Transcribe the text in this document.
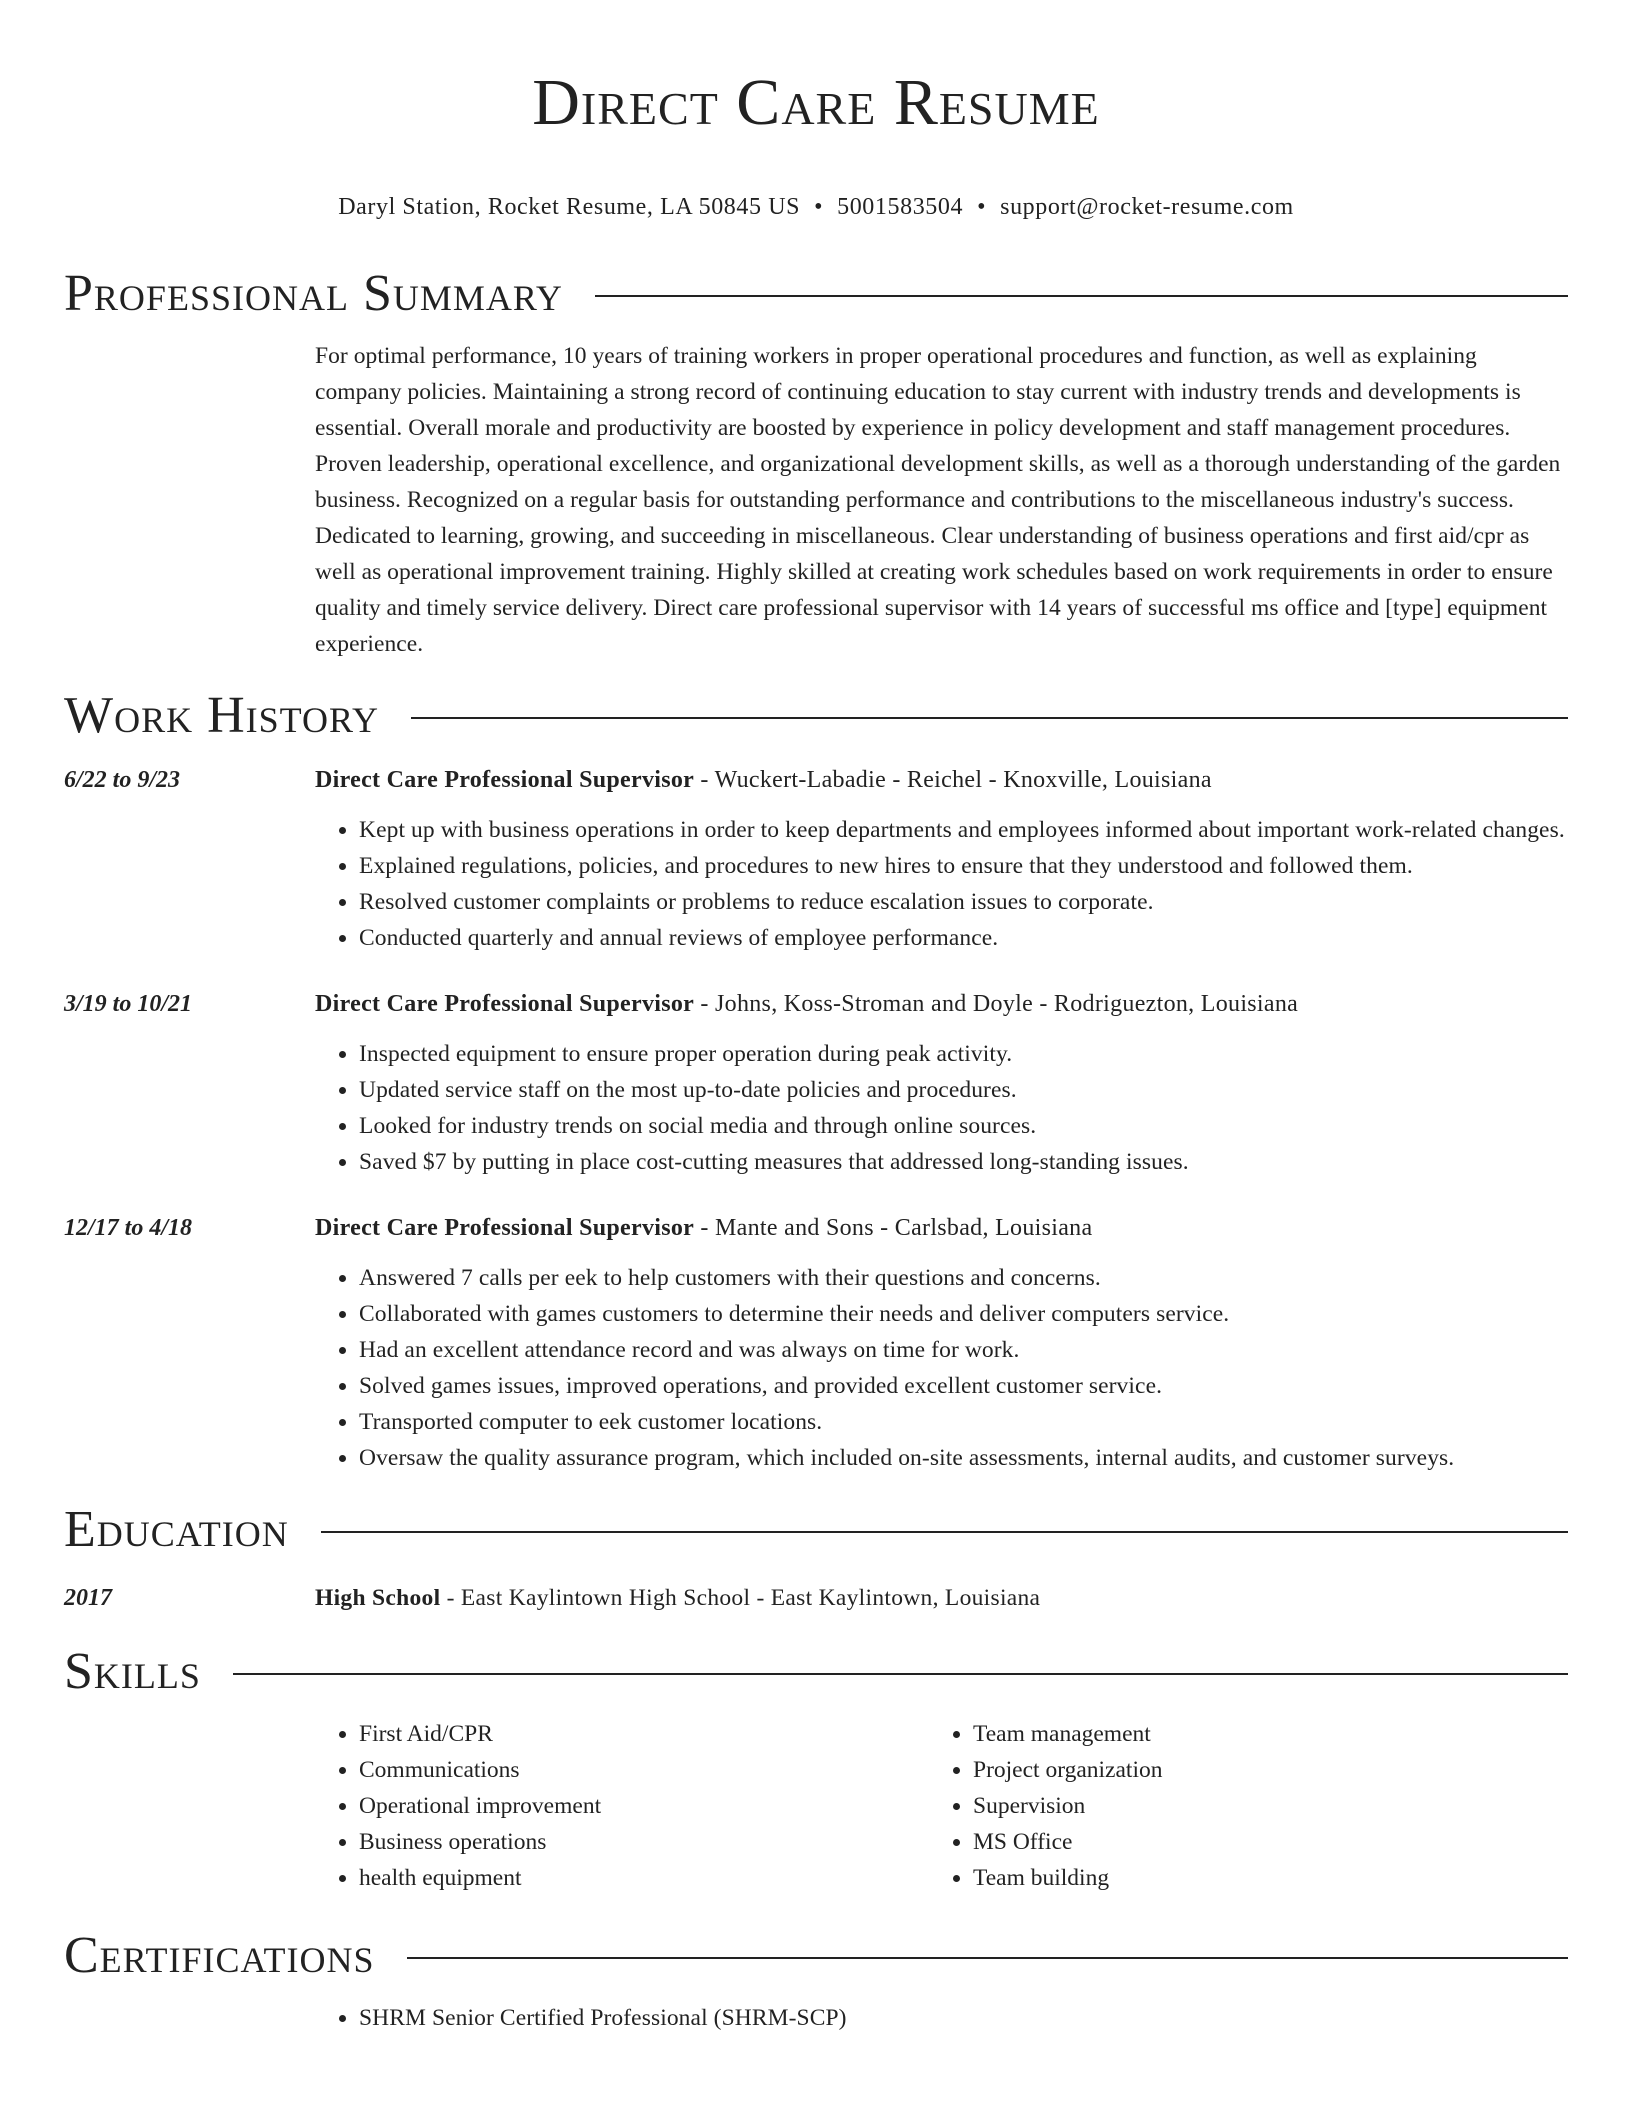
Direct Care Resume
Daryl Station, Rocket Resume, LA 50845 US • 5001583504 • support@rocket-resume.com
Professional Summary

For optimal performance, 10 years of training workers in proper operational procedures and function, as well as explaining company policies. Maintaining a strong record of continuing education to stay current with industry trends and developments is essential. Overall morale and productivity are boosted by experience in policy development and staff management procedures. Proven leadership, operational excellence, and organizational development skills, as well as a thorough understanding of the garden business. Recognized on a regular basis for outstanding performance and contributions to the miscellaneous industry's success. Dedicated to learning, growing, and succeeding in miscellaneous. Clear understanding of business operations and first aid/cpr as well as operational improvement training. Highly skilled at creating work schedules based on work requirements in order to ensure quality and timely service delivery. Direct care professional supervisor with 14 years of successful ms office and [type] equipment experience.

Work History
6/22 to 9/23	Direct Care Professional Supervisor - Wuckert-Labadie - Reichel - Knoxville, Louisiana
• Kept up with business operations in order to keep departments and employees informed about important work-related changes.
• Explained regulations, policies, and procedures to new hires to ensure that they understood and followed them.
• Resolved customer complaints or problems to reduce escalation issues to corporate.
• Conducted quarterly and annual reviews of employee performance.
3/19 to 10/21	Direct Care Professional Supervisor - Johns, Koss-Stroman and Doyle - Rodriguezton, Louisiana
• Inspected equipment to ensure proper operation during peak activity.
• Updated service staff on the most up-to-date policies and procedures.
• Looked for industry trends on social media and through online sources.
• Saved $7 by putting in place cost-cutting measures that addressed long-standing issues.
12/17 to 4/18	Direct Care Professional Supervisor - Mante and Sons - Carlsbad, Louisiana
• Answered 7 calls per eek to help customers with their questions and concerns.
• Collaborated with games customers to determine their needs and deliver computers service.
• Had an excellent attendance record and was always on time for work.
• Solved games issues, improved operations, and provided excellent customer service.
• Transported computer to eek customer locations.
• Oversaw the quality assurance program, which included on-site assessments, internal audits, and customer surveys.
Education
2017	High School - East Kaylintown High School - East Kaylintown, Louisiana
Skills
• First Aid/CPR
• Communications
• Operational improvement
• Business operations
• health equipment
• Team management
• Project organization
• Supervision
• MS Office
• Team building
Certifications
• SHRM Senior Certified Professional (SHRM-SCP)
